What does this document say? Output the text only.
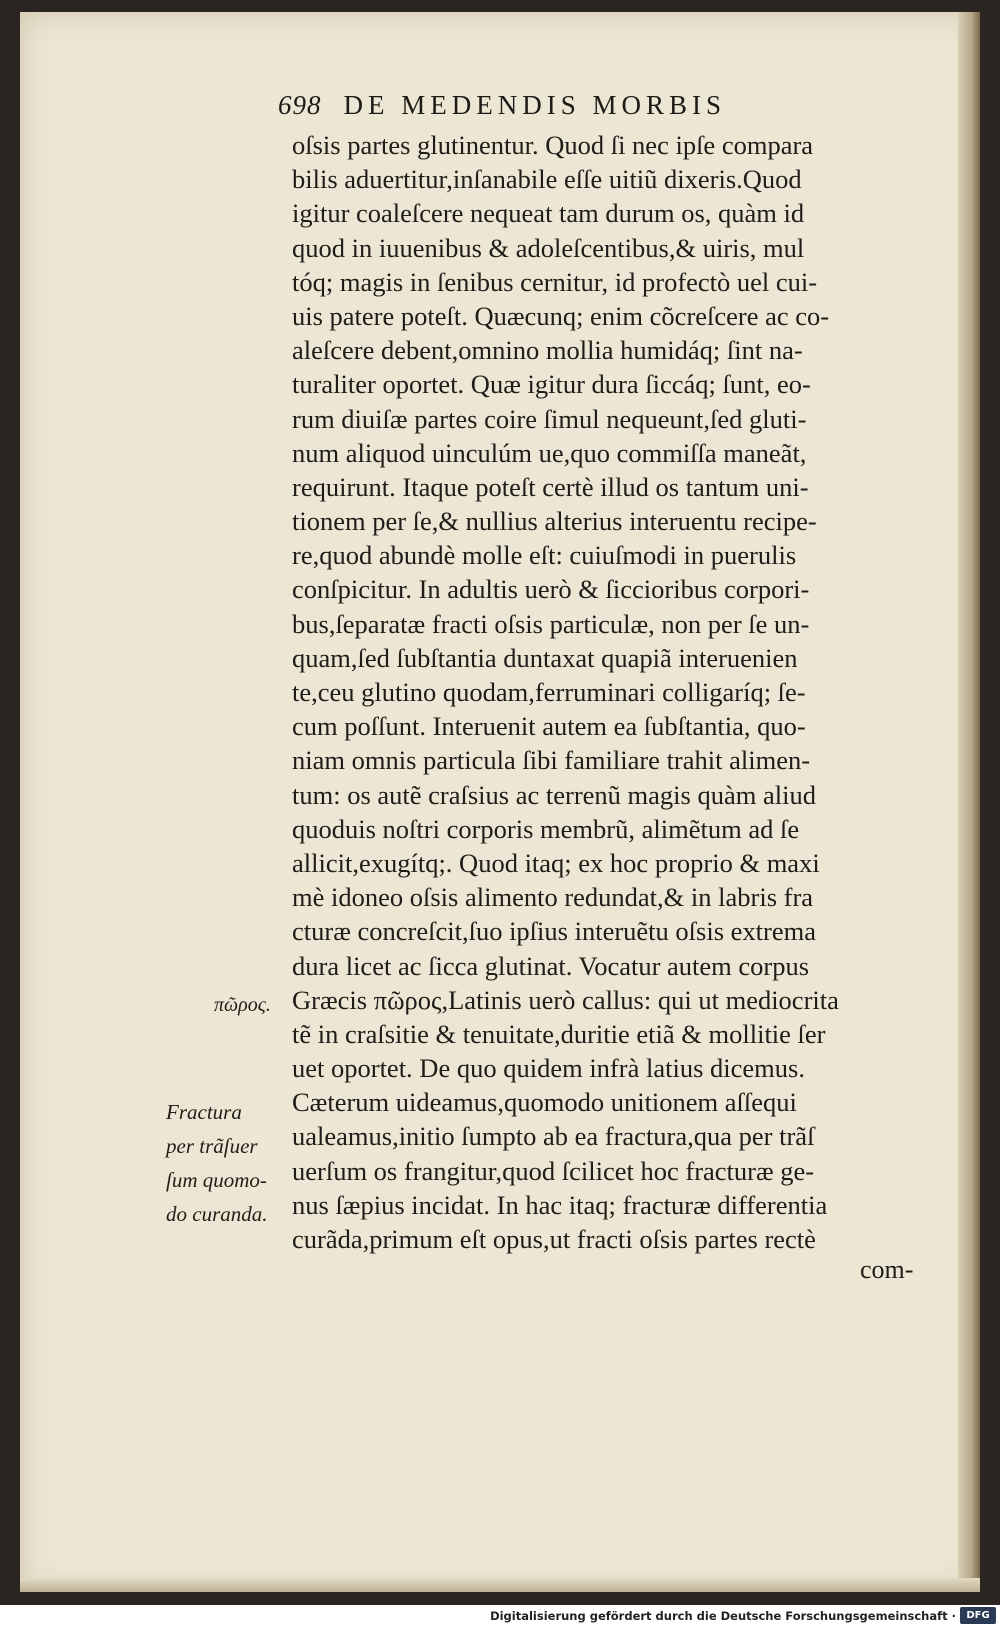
698 DE MEDENDIS MORBIS
oſsis partes glutinentur. Quod ſi nec ipſe compara
bilis aduertitur,inſanabile eſſe uitiũ dixeris.Quod
igitur coaleſcere nequeat tam durum os, quàm id
quod in iuuenibus & adoleſcentibus,& uiris, mul
tóq; magis in ſenibus cernitur, id profectò uel cui-
uis patere poteſt. Quæcunq; enim cõcreſcere ac co-
aleſcere debent,omnino mollia humidáq; ſint na-
turaliter oportet. Quæ igitur dura ſiccáq; ſunt, eo-
rum diuiſæ partes coire ſimul nequeunt,ſed gluti-
num aliquod uinculúm ue,quo commiſſa maneãt,
requirunt. Itaque poteſt certè illud os tantum uni-
tionem per ſe,& nullius alterius interuentu recipe-
re,quod abundè molle eſt: cuiuſmodi in puerulis
conſpicitur. In adultis uerò & ſiccioribus corpori-
bus,ſeparatæ fracti oſsis particulæ, non per ſe un-
quam,ſed ſubſtantia duntaxat quapiã interuenien
te,ceu glutino quodam,ferruminari colligaríq; ſe-
cum poſſunt. Interuenit autem ea ſubſtantia, quo-
niam omnis particula ſibi familiare trahit alimen-
tum: os autẽ craſsius ac terrenũ magis quàm aliud
quoduis noſtri corporis membrũ, alimẽtum ad ſe
allicit,exugítq;. Quod itaq; ex hoc proprio & maxi
mè idoneo oſsis alimento redundat,& in labris fra
cturæ concreſcit,ſuo ipſius interuẽtu oſsis extrema
dura licet ac ſicca glutinat. Vocatur autem corpus
Græcis πῶρος,Latinis uerò callus: qui ut mediocrita
tẽ in craſsitie & tenuitate,duritie etiã & mollitie ſer
uet oportet. De quo quidem infrà latius dicemus.
Cæterum uideamus,quomodo unitionem aſſequi
ualeamus,initio ſumpto ab ea fractura,qua per trãſ
uerſum os frangitur,quod ſcilicet hoc fracturæ ge-
nus ſæpius incidat. In hac itaq; fracturæ differentia
curãda,primum eſt opus,ut fracti oſsis partes rectè
πῶρος.
Fractura
per trãſuer
ſum quomo-
do curanda.
com-
Digitalisierung gefördert durch die Deutsche Forschungsgemeinschaft ·	DFG
